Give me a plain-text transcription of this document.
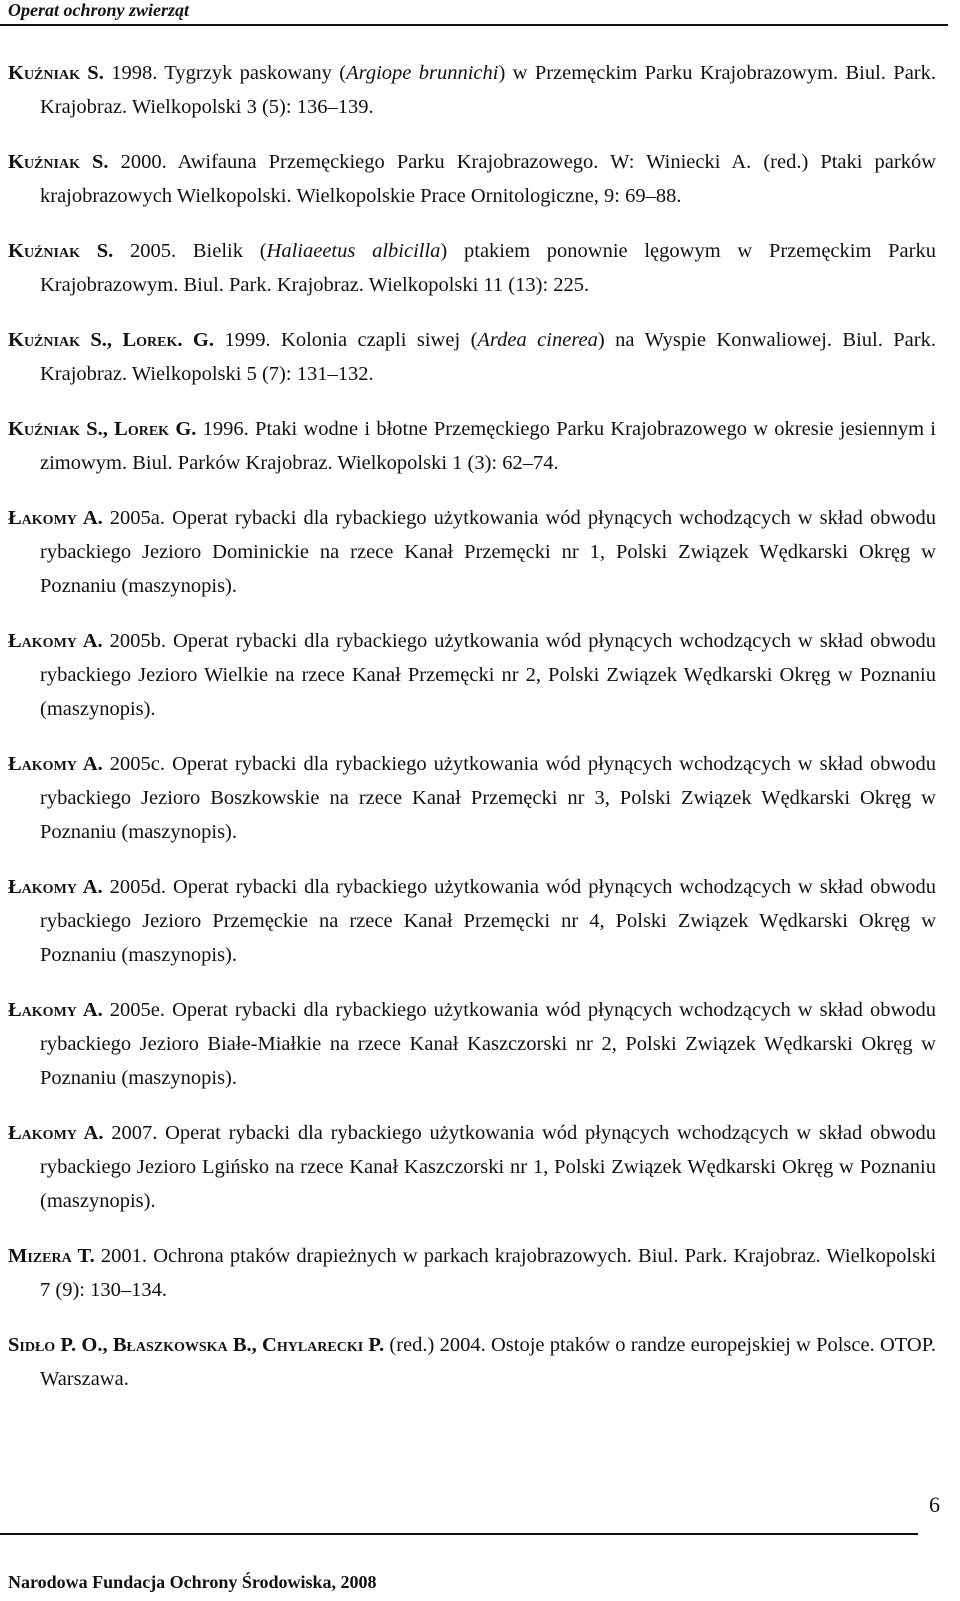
Operat ochrony zwierząt

Kuźniak S. 1998. Tygrzyk paskowany (Argiope brunnichi) w Przemęckim Parku Krajobrazowym. Biul. Park. Krajobraz. Wielkopolski 3 (5): 136–139.

Kuźniak S. 2000. Awifauna Przemęckiego Parku Krajobrazowego. W: Winiecki A. (red.) Ptaki parków krajobrazowych Wielkopolski. Wielkopolskie Prace Ornitologiczne, 9: 69–88.

Kuźniak S. 2005. Bielik (Haliaeetus albicilla) ptakiem ponownie lęgowym w Przemęckim Parku Krajobrazowym. Biul. Park. Krajobraz. Wielkopolski 11 (13): 225.

Kuźniak S., Lorek. G. 1999. Kolonia czapli siwej (Ardea cinerea) na Wyspie Konwaliowej. Biul. Park. Krajobraz. Wielkopolski 5 (7): 131–132.

Kuźniak S., Lorek G. 1996. Ptaki wodne i błotne Przemęckiego Parku Krajobrazowego w okresie jesiennym i zimowym. Biul. Parków Krajobraz. Wielkopolski 1 (3): 62–74.

Łakomy A. 2005a. Operat rybacki dla rybackiego użytkowania wód płynących wchodzących w skład obwodu rybackiego Jezioro Dominickie na rzece Kanał Przemęcki nr 1, Polski Związek Wędkarski Okręg w Poznaniu (maszynopis).

Łakomy A. 2005b. Operat rybacki dla rybackiego użytkowania wód płynących wchodzących w skład obwodu rybackiego Jezioro Wielkie na rzece Kanał Przemęcki nr 2, Polski Związek Wędkarski Okręg w Poznaniu (maszynopis).

Łakomy A. 2005c. Operat rybacki dla rybackiego użytkowania wód płynących wchodzących w skład obwodu rybackiego Jezioro Boszkowskie na rzece Kanał Przemęcki nr 3, Polski Związek Wędkarski Okręg w Poznaniu (maszynopis).

Łakomy A. 2005d. Operat rybacki dla rybackiego użytkowania wód płynących wchodzących w skład obwodu rybackiego Jezioro Przemęckie na rzece Kanał Przemęcki nr 4, Polski Związek Wędkarski Okręg w Poznaniu (maszynopis).

Łakomy A. 2005e. Operat rybacki dla rybackiego użytkowania wód płynących wchodzących w skład obwodu rybackiego Jezioro Białe-Miałkie na rzece Kanał Kaszczorski nr 2, Polski Związek Wędkarski Okręg w Poznaniu (maszynopis).

Łakomy A. 2007. Operat rybacki dla rybackiego użytkowania wód płynących wchodzących w skład obwodu rybackiego Jezioro Lgińsko na rzece Kanał Kaszczorski nr 1, Polski Związek Wędkarski Okręg w Poznaniu (maszynopis).

Mizera T. 2001. Ochrona ptaków drapieżnych w parkach krajobrazowych. Biul. Park. Krajobraz. Wielkopolski 7 (9): 130–134.

Sidło P. O., Błaszkowska B., Chylarecki P. (red.) 2004. Ostoje ptaków o randze europejskiej w Polsce. OTOP. Warszawa.

6
Narodowa Fundacja Ochrony Środowiska, 2008
